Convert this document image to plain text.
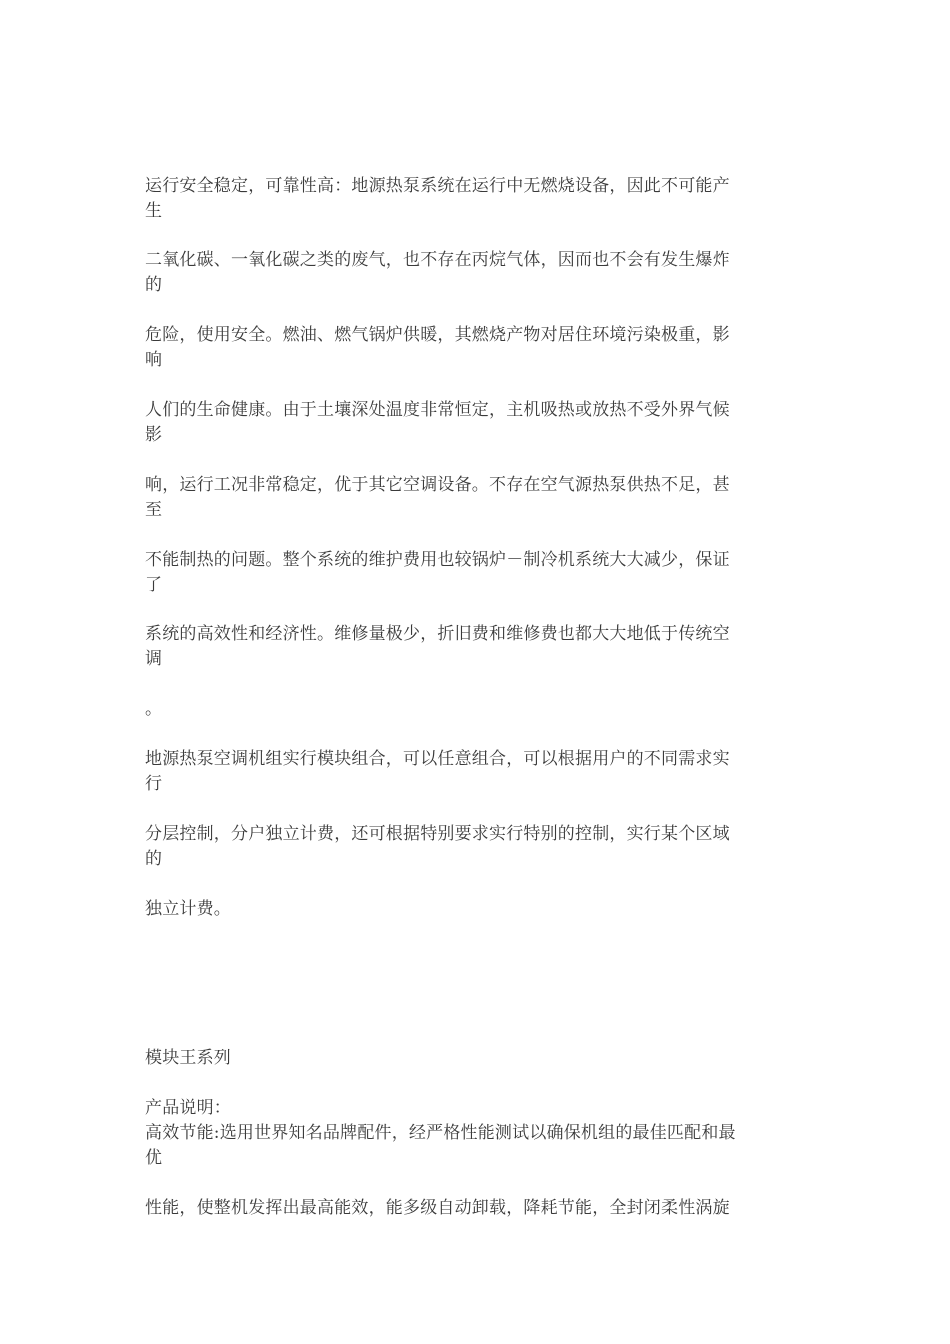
运行安全稳定，可靠性高：地源热泵系统在运行中无燃烧设备，因此不可能产
生

二氧化碳、一氧化碳之类的废气，也不存在丙烷气体，因而也不会有发生爆炸
的

危险，使用安全。燃油、燃气锅炉供暖，其燃烧产物对居住环境污染极重，影
响

人们的生命健康。由于土壤深处温度非常恒定，主机吸热或放热不受外界气候
影

响，运行工况非常稳定，优于其它空调设备。不存在空气源热泵供热不足，甚
至

不能制热的问题。整个系统的维护费用也较锅炉－制冷机系统大大减少，保证
了

系统的高效性和经济性。维修量极少，折旧费和维修费也都大大地低于传统空
调

。

地源热泵空调机组实行模块组合，可以任意组合，可以根据用户的不同需求实
行

分层控制，分户独立计费，还可根据特别要求实行特别的控制，实行某个区域
的

独立计费。

模块王系列

产品说明：

高效节能:选用世界知名品牌配件，经严格性能测试以确保机组的最佳匹配和最
优

性能，使整机发挥出最高能效，能多级自动卸载，降耗节能，全封闭柔性涡旋
